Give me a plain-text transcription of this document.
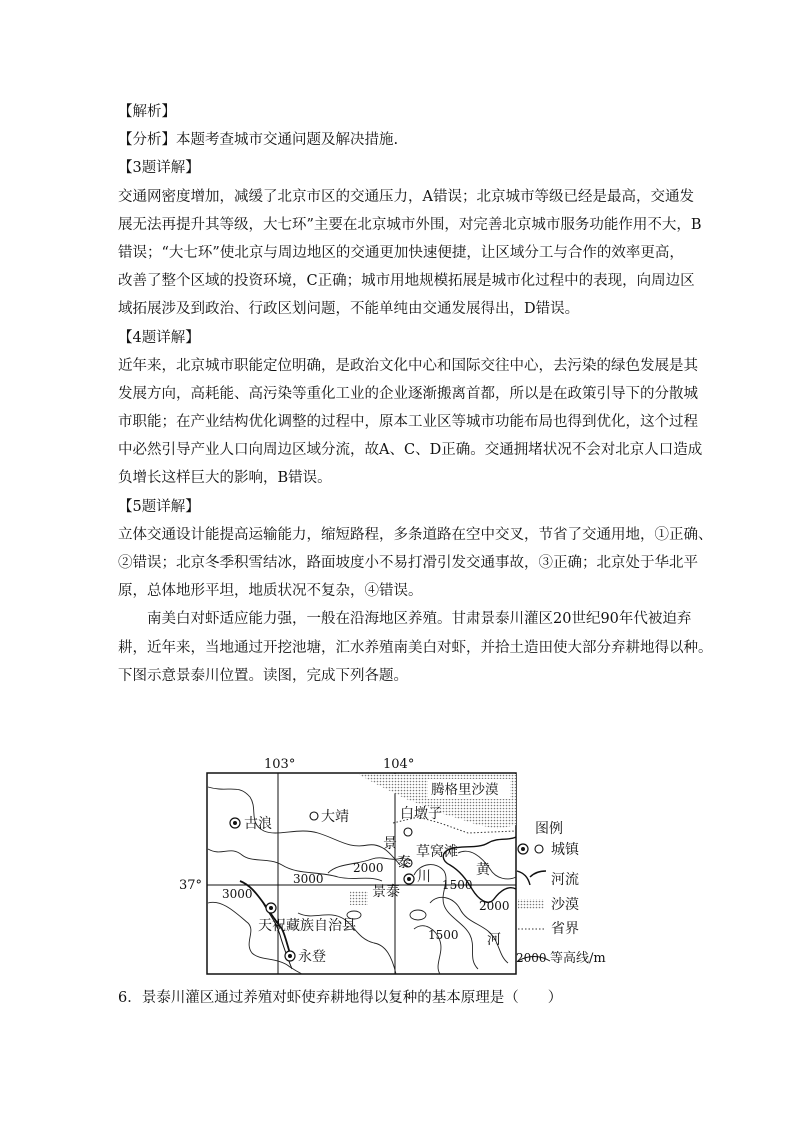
【解析】
【分析】本题考查城市交通问题及解决措施.
【3题详解】
交通网密度增加，减缓了北京市区的交通压力，A错误；北京城市等级已经是最高，交通发
展无法再提升其等级，大七环”主要在北京城市外围，对完善北京城市服务功能作用不大，B
错误；“大七环”使北京与周边地区的交通更加快速便捷，让区域分工与合作的效率更高，
改善了整个区域的投资环境，C正确；城市用地规模拓展是城市化过程中的表现，向周边区
域拓展涉及到政治、行政区划问题，不能单纯由交通发展得出，D错误。
【4题详解】
近年来，北京城市职能定位明确，是政治文化中心和国际交往中心，去污染的绿色发展是其
发展方向，高耗能、高污染等重化工业的企业逐渐搬离首都，所以是在政策引导下的分散城
市职能；在产业结构优化调整的过程中，原本工业区等城市功能布局也得到优化，这个过程
中必然引导产业人口向周边区域分流，故A、C、D正确。交通拥堵状况不会对北京人口造成
负增长这样巨大的影响，B错误。
【5题详解】
立体交通设计能提高运输能力，缩短路程，多条道路在空中交叉，节省了交通用地，①正确、
②错误；北京冬季积雪结冰，路面坡度小不易打滑引发交通事故，③正确；北京处于华北平
原，总体地形平坦，地质状况不复杂，④错误。
南美白对虾适应能力强，一般在沿海地区养殖。甘肃景泰川灌区20世纪90年代被迫弃
耕，近年来，当地通过开挖池塘，汇水养殖南美白对虾，并拾土造田使大部分弃耕地得以种。
下图示意景泰川位置。读图，完成下列各题。
103°	104°
37°
腾格里沙漠
古浪	大靖	白墩子
草窝滩
景泰
天祝藏族自治县
永登
景
泰
川	黄
河
3000
3000
2000
2000
1500
1500
图例
城镇
河流
沙漠
省界
2000 等高线/m
6．景泰川灌区通过养殖对虾使弃耕地得以复种的基本原理是（　　）
